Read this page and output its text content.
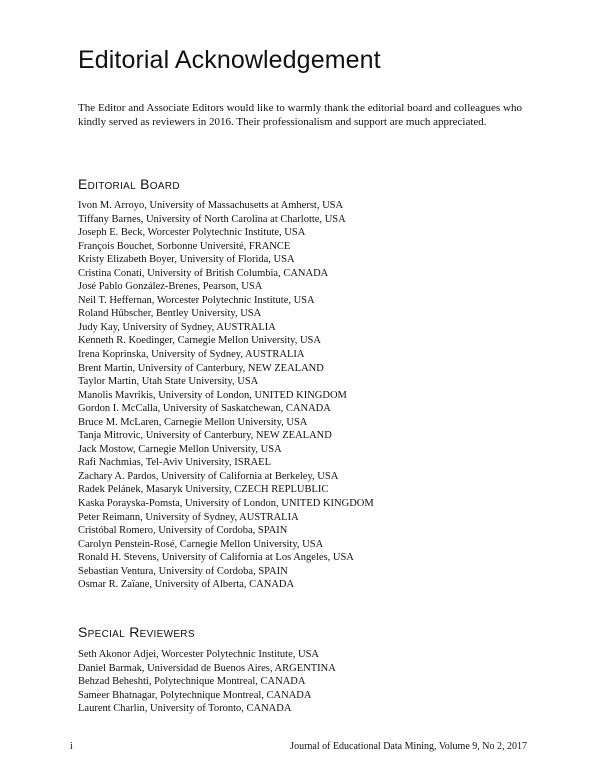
Editorial Acknowledgement

The Editor and Associate Editors would like to warmly thank the editorial board and colleagues who kindly served as reviewers in 2016. Their professionalism and support are much appreciated.

Editorial Board
Ivon M. Arroyo, University of Massachusetts at Amherst, USA
Tiffany Barnes, University of North Carolina at Charlotte, USA
Joseph E. Beck, Worcester Polytechnic Institute, USA
François Bouchet, Sorbonne Université, FRANCE
Kristy Elizabeth Boyer, University of Florida, USA
Cristina Conati, University of British Columbia, CANADA
José Pablo González-Brenes, Pearson, USA
Neil T. Heffernan, Worcester Polytechnic Institute, USA
Roland Hübscher, Bentley University, USA
Judy Kay, University of Sydney, AUSTRALIA
Kenneth R. Koedinger, Carnegie Mellon University, USA
Irena Koprinska, University of Sydney, AUSTRALIA
Brent Martin, University of Canterbury, NEW ZEALAND
Taylor Martin, Utah State University, USA
Manolis Mavrikis, University of London, UNITED KINGDOM
Gordon I. McCalla, University of Saskatchewan, CANADA
Bruce M. McLaren, Carnegie Mellon University, USA
Tanja Mitrovic, University of Canterbury, NEW ZEALAND
Jack Mostow, Carnegie Mellon University, USA
Rafi Nachmias, Tel-Aviv University, ISRAEL
Zachary A. Pardos, University of California at Berkeley, USA
Radek Pelánek, Masaryk University, CZECH REPLUBLIC
Kaska Porayska-Pomsta, University of London, UNITED KINGDOM
Peter Reimann, University of Sydney, AUSTRALIA
Cristóbal Romero, University of Cordoba, SPAIN
Carolyn Penstein-Rosé, Carnegie Mellon University, USA
Ronald H. Stevens, University of California at Los Angeles, USA
Sebastian Ventura, University of Cordoba, SPAIN
Osmar R. Zaïane, University of Alberta, CANADA
Special Reviewers
Seth Akonor Adjei, Worcester Polytechnic Institute, USA
Daniel Barmak, Universidad de Buenos Aires, ARGENTINA
Behzad Beheshti, Polytechnique Montreal, CANADA
Sameer Bhatnagar, Polytechnique Montreal, CANADA
Laurent Charlin, University of Toronto, CANADA
i	Journal of Educational Data Mining, Volume 9, No 2, 2017
